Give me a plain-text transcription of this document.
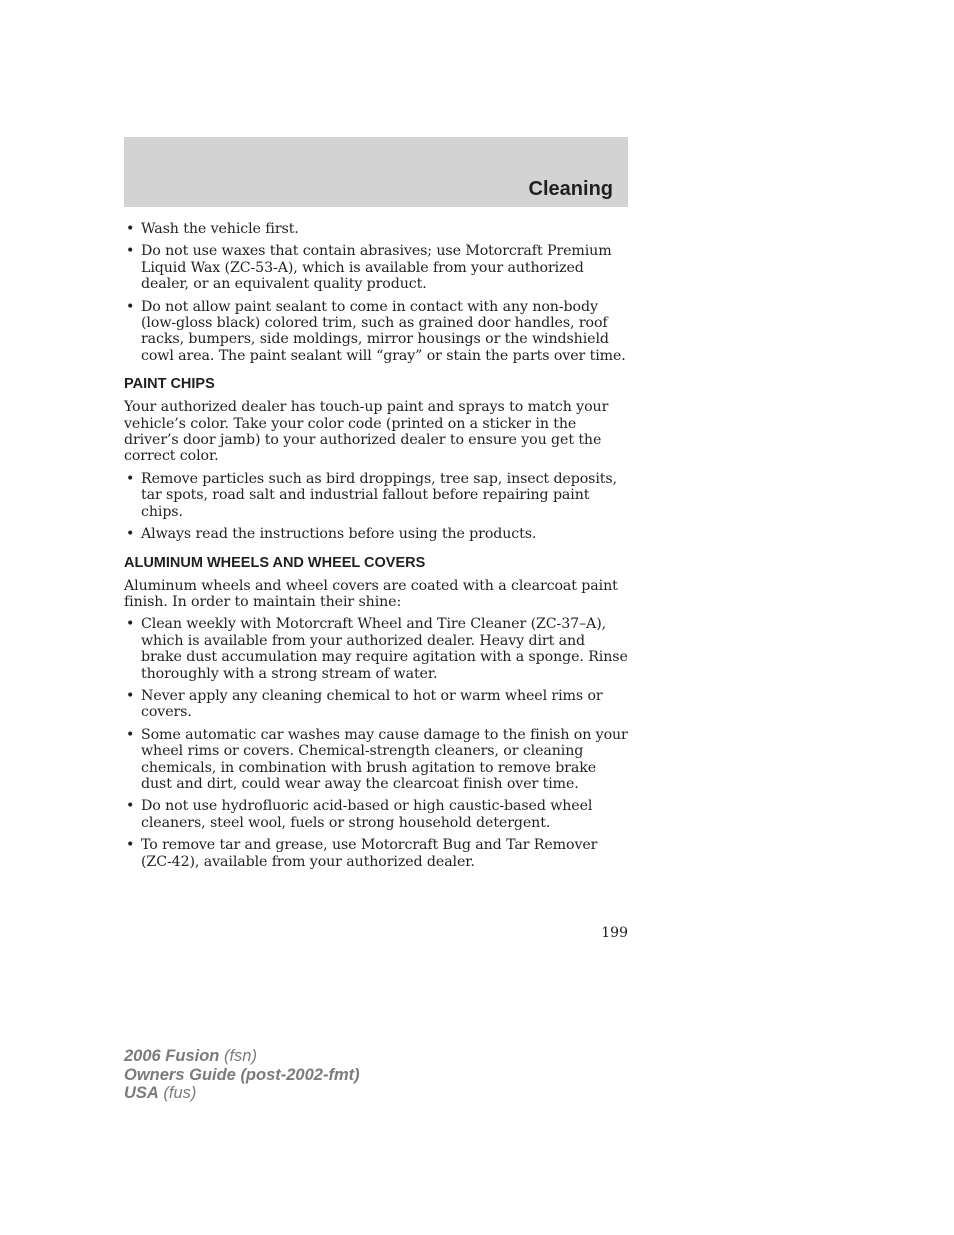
Cleaning
• Wash the vehicle first.
• Do not use waxes that contain abrasives; use Motorcraft Premium Liquid Wax (ZC-53-A), which is available from your authorized dealer, or an equivalent quality product.
• Do not allow paint sealant to come in contact with any non-body (low-gloss black) colored trim, such as grained door handles, roof racks, bumpers, side moldings, mirror housings or the windshield cowl area. The paint sealant will “gray” or stain the parts over time.
PAINT CHIPS

Your authorized dealer has touch-up paint and sprays to match your vehicle’s color. Take your color code (printed on a sticker in the driver’s door jamb) to your authorized dealer to ensure you get the correct color.

• Remove particles such as bird droppings, tree sap, insect deposits, tar spots, road salt and industrial fallout before repairing paint chips.
• Always read the instructions before using the products.
ALUMINUM WHEELS AND WHEEL COVERS

Aluminum wheels and wheel covers are coated with a clearcoat paint finish. In order to maintain their shine:

• Clean weekly with Motorcraft Wheel and Tire Cleaner (ZC-37–A), which is available from your authorized dealer. Heavy dirt and brake dust accumulation may require agitation with a sponge. Rinse thoroughly with a strong stream of water.
• Never apply any cleaning chemical to hot or warm wheel rims or covers.
• Some automatic car washes may cause damage to the finish on your wheel rims or covers. Chemical-strength cleaners, or cleaning chemicals, in combination with brush agitation to remove brake dust and dirt, could wear away the clearcoat finish over time.
• Do not use hydrofluoric acid-based or high caustic-based wheel cleaners, steel wool, fuels or strong household detergent.
• To remove tar and grease, use Motorcraft Bug and Tar Remover (ZC-42), available from your authorized dealer.
199
2006 Fusion (fsn)
Owners Guide (post-2002-fmt)
USA (fus)
